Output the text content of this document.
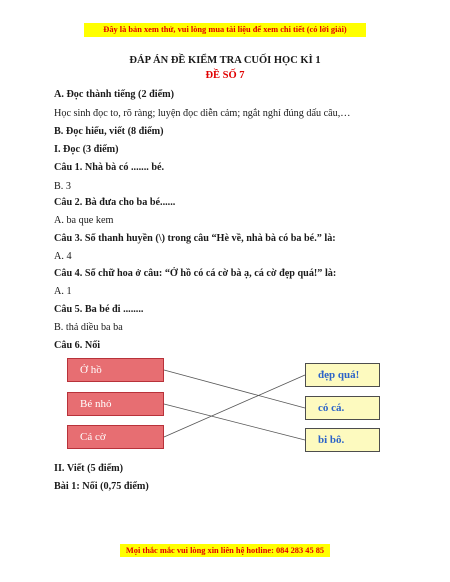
Đây là bản xem thử, vui lòng mua tài liệu để xem chi tiết (có lời giải)
ĐÁP ÁN ĐỀ KIỂM TRA CUỐI HỌC KÌ 1
ĐỀ SỐ 7
A. Đọc thành tiếng (2 điểm)
Học sinh đọc to, rõ ràng; luyện đọc diễn cảm; ngắt nghỉ đúng dấu câu,…
B. Đọc hiểu, viết (8 điểm)
I. Đọc (3 điểm)
Câu 1. Nhà bà có ....... bé.
B. 3
Câu 2. Bà đưa cho ba bé......
A. ba que kem
Câu 3. Số thanh huyền (\) trong câu “Hè về, nhà bà có ba bé.” là:
A. 4
Câu 4. Số chữ hoa ở câu: “Ở hồ có cá cờ bà ạ, cá cờ đẹp quá!” là:
A. 1
Câu 5. Ba bé đi ........
B. thả diều ba ba
Câu 6. Nối
Ở hồ
Bé nhỏ
Cá cờ
đẹp quá!
có cá.
bi bô.
II. Viết (5 điểm)
Bài 1: Nối (0,75 điểm)
Mọi thắc mắc vui lòng xin liên hệ hotline: 084 283 45 85
